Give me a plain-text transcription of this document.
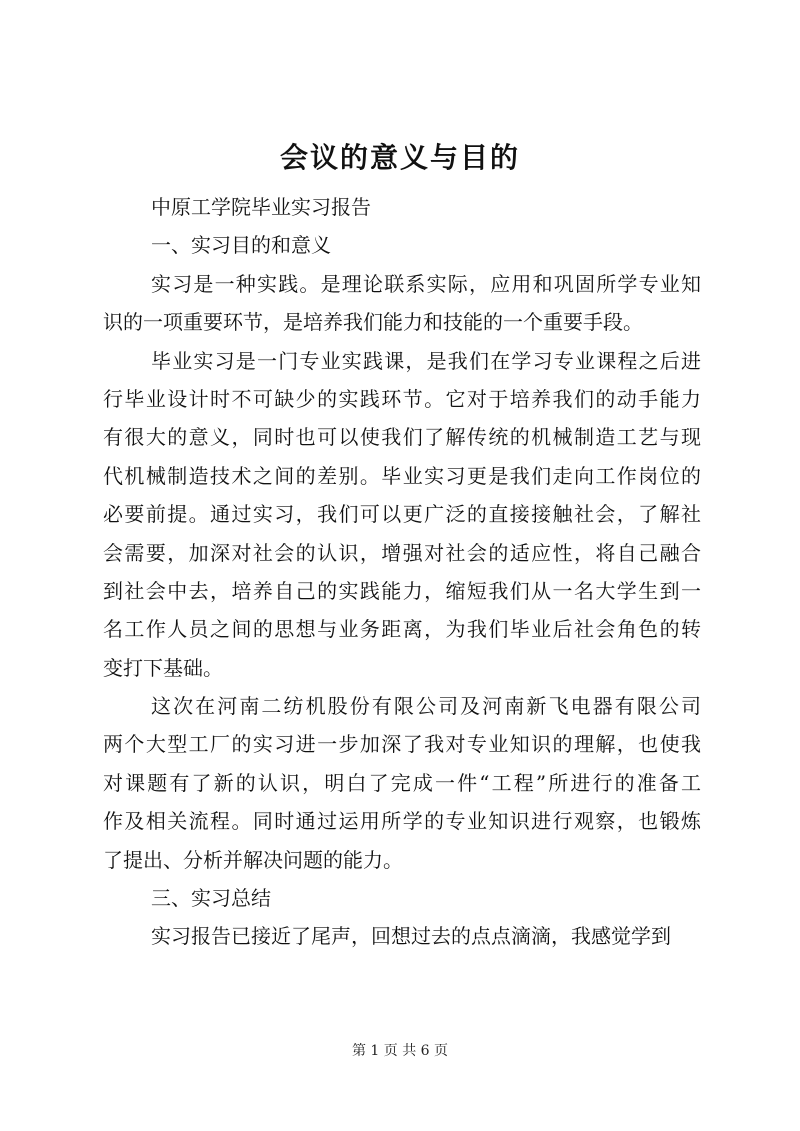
会议的意义与目的
中原工学院毕业实习报告
一、实习目的和意义
实习是一种实践。是理论联系实际，应用和巩固所学专业知
识的一项重要环节，是培养我们能力和技能的一个重要手段。
毕业实习是一门专业实践课，是我们在学习专业课程之后进
行毕业设计时不可缺少的实践环节。它对于培养我们的动手能力
有很大的意义，同时也可以使我们了解传统的机械制造工艺与现
代机械制造技术之间的差别。毕业实习更是我们走向工作岗位的
必要前提。通过实习，我们可以更广泛的直接接触社会，了解社
会需要，加深对社会的认识，增强对社会的适应性，将自己融合
到社会中去，培养自己的实践能力，缩短我们从一名大学生到一
名工作人员之间的思想与业务距离，为我们毕业后社会角色的转
变打下基础。
这次在河南二纺机股份有限公司及河南新飞电器有限公司
两个大型工厂的实习进一步加深了我对专业知识的理解，也使我
对课题有了新的认识，明白了完成一件“工程”所进行的准备工
作及相关流程。同时通过运用所学的专业知识进行观察，也锻炼
了提出、分析并解决问题的能力。
三、实习总结
实习报告已接近了尾声，回想过去的点点滴滴，我感觉学到
第 1 页 共 6 页
